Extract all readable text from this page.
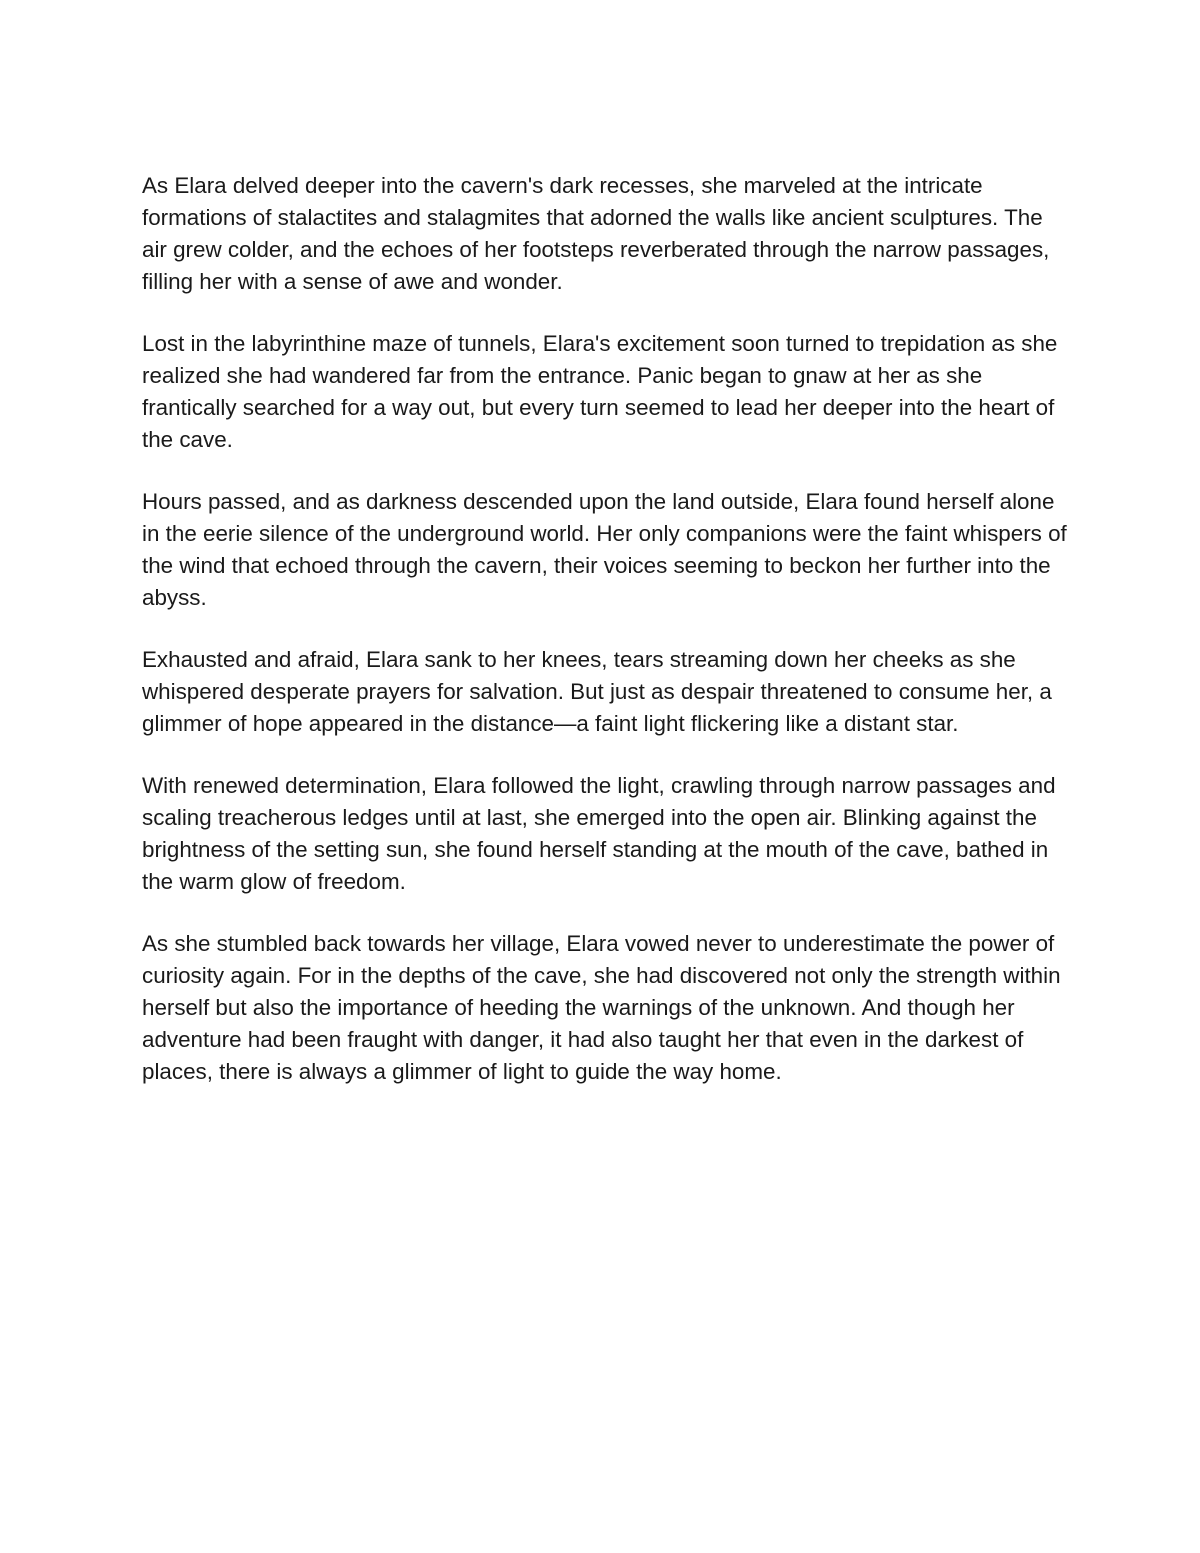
As Elara delved deeper into the cavern's dark recesses, she marveled at the intricate formations of stalactites and stalagmites that adorned the walls like ancient sculptures. The air grew colder, and the echoes of her footsteps reverberated through the narrow passages, filling her with a sense of awe and wonder.

Lost in the labyrinthine maze of tunnels, Elara's excitement soon turned to trepidation as she realized she had wandered far from the entrance. Panic began to gnaw at her as she frantically searched for a way out, but every turn seemed to lead her deeper into the heart of the cave.

Hours passed, and as darkness descended upon the land outside, Elara found herself alone in the eerie silence of the underground world. Her only companions were the faint whispers of the wind that echoed through the cavern, their voices seeming to beckon her further into the abyss.

Exhausted and afraid, Elara sank to her knees, tears streaming down her cheeks as she whispered desperate prayers for salvation. But just as despair threatened to consume her, a glimmer of hope appeared in the distance—a faint light flickering like a distant star.

With renewed determination, Elara followed the light, crawling through narrow passages and scaling treacherous ledges until at last, she emerged into the open air. Blinking against the brightness of the setting sun, she found herself standing at the mouth of the cave, bathed in the warm glow of freedom.

As she stumbled back towards her village, Elara vowed never to underestimate the power of curiosity again. For in the depths of the cave, she had discovered not only the strength within herself but also the importance of heeding the warnings of the unknown. And though her adventure had been fraught with danger, it had also taught her that even in the darkest of places, there is always a glimmer of light to guide the way home.
